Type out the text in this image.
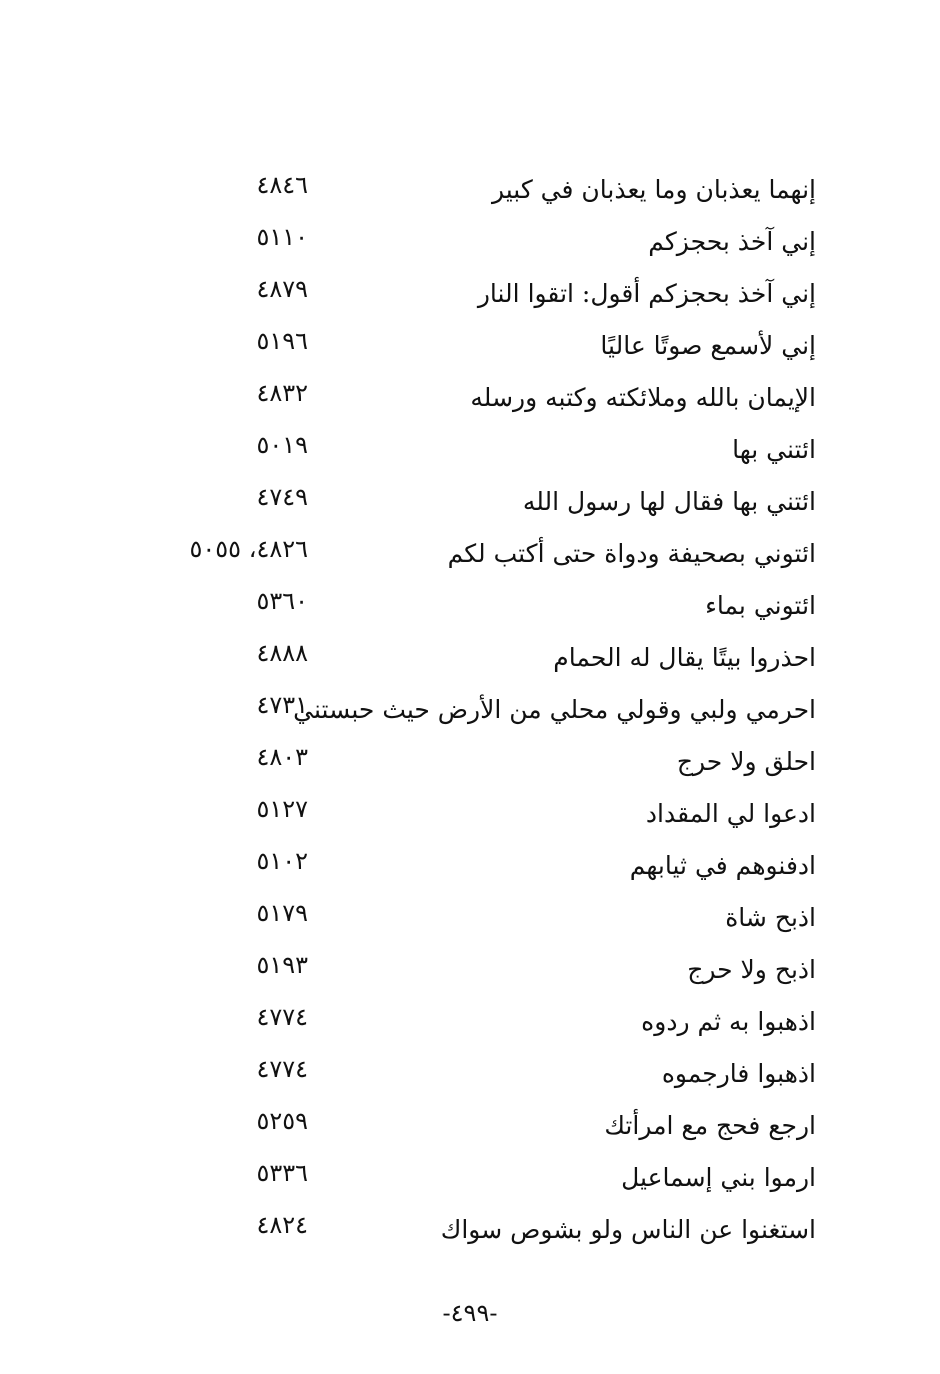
إنهما يعذبان وما يعذبان في كبير
٤٨٤٦
إني آخذ بحجزكم
٥١١٠
إني آخذ بحجزكم أقول: اتقوا النار
٤٨٧٩
إني لأسمع صوتًا عاليًا
٥١٩٦
الإيمان بالله وملائكته وكتبه ورسله
٤٨٣٢
ائتني بها
٥٠١٩
ائتني بها فقال لها رسول الله
٤٧٤٩
ائتوني بصحيفة ودواة حتى أكتب لكم
٤٨٢٦، ٥٠٥٥
ائتوني بماء
٥٣٦٠
احذروا بيتًا يقال له الحمام
٤٨٨٨
احرمي ولبي وقولي محلي من الأرض حيث حبستني
٤٧٣١
احلق ولا حرج
٤٨٠٣
ادعوا لي المقداد
٥١٢٧
ادفنوهم في ثيابهم
٥١٠٢
اذبح شاة
٥١٧٩
اذبح ولا حرج
٥١٩٣
اذهبوا به ثم ردوه
٤٧٧٤
اذهبوا فارجموه
٤٧٧٤
ارجع فحج مع امرأتك
٥٢٥٩
ارموا بني إسماعيل
٥٣٣٦
استغنوا عن الناس ولو بشوص سواك
٤٨٢٤
-٤٩٩-
